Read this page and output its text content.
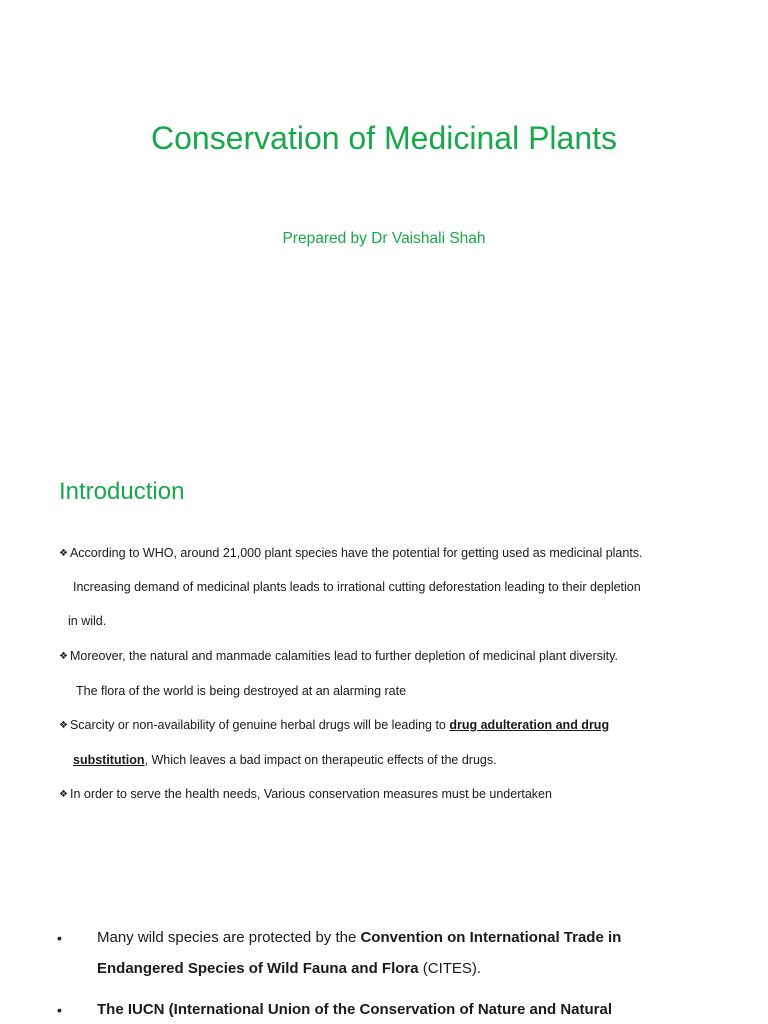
Conservation of Medicinal Plants
Prepared by Dr Vaishali Shah
Introduction
❖ According to WHO, around 21,000 plant species have the potential for getting used as medicinal plants.
Increasing demand of medicinal plants leads to irrational cutting deforestation leading to their depletion
in wild.
❖ Moreover, the natural and manmade calamities lead to further depletion of medicinal plant diversity.
The flora of the world is being destroyed at an alarming rate
❖ Scarcity or non-availability of genuine herbal drugs will be leading to drug adulteration and drug
substitution, Which leaves a bad impact on therapeutic effects of the drugs.
❖ In order to serve the health needs, Various conservation measures must be undertaken
• Many wild species are protected by the Convention on International Trade in
Endangered Species of Wild Fauna and Flora (CITES).
• The IUCN (International Union of the Conservation of Nature and Natural
